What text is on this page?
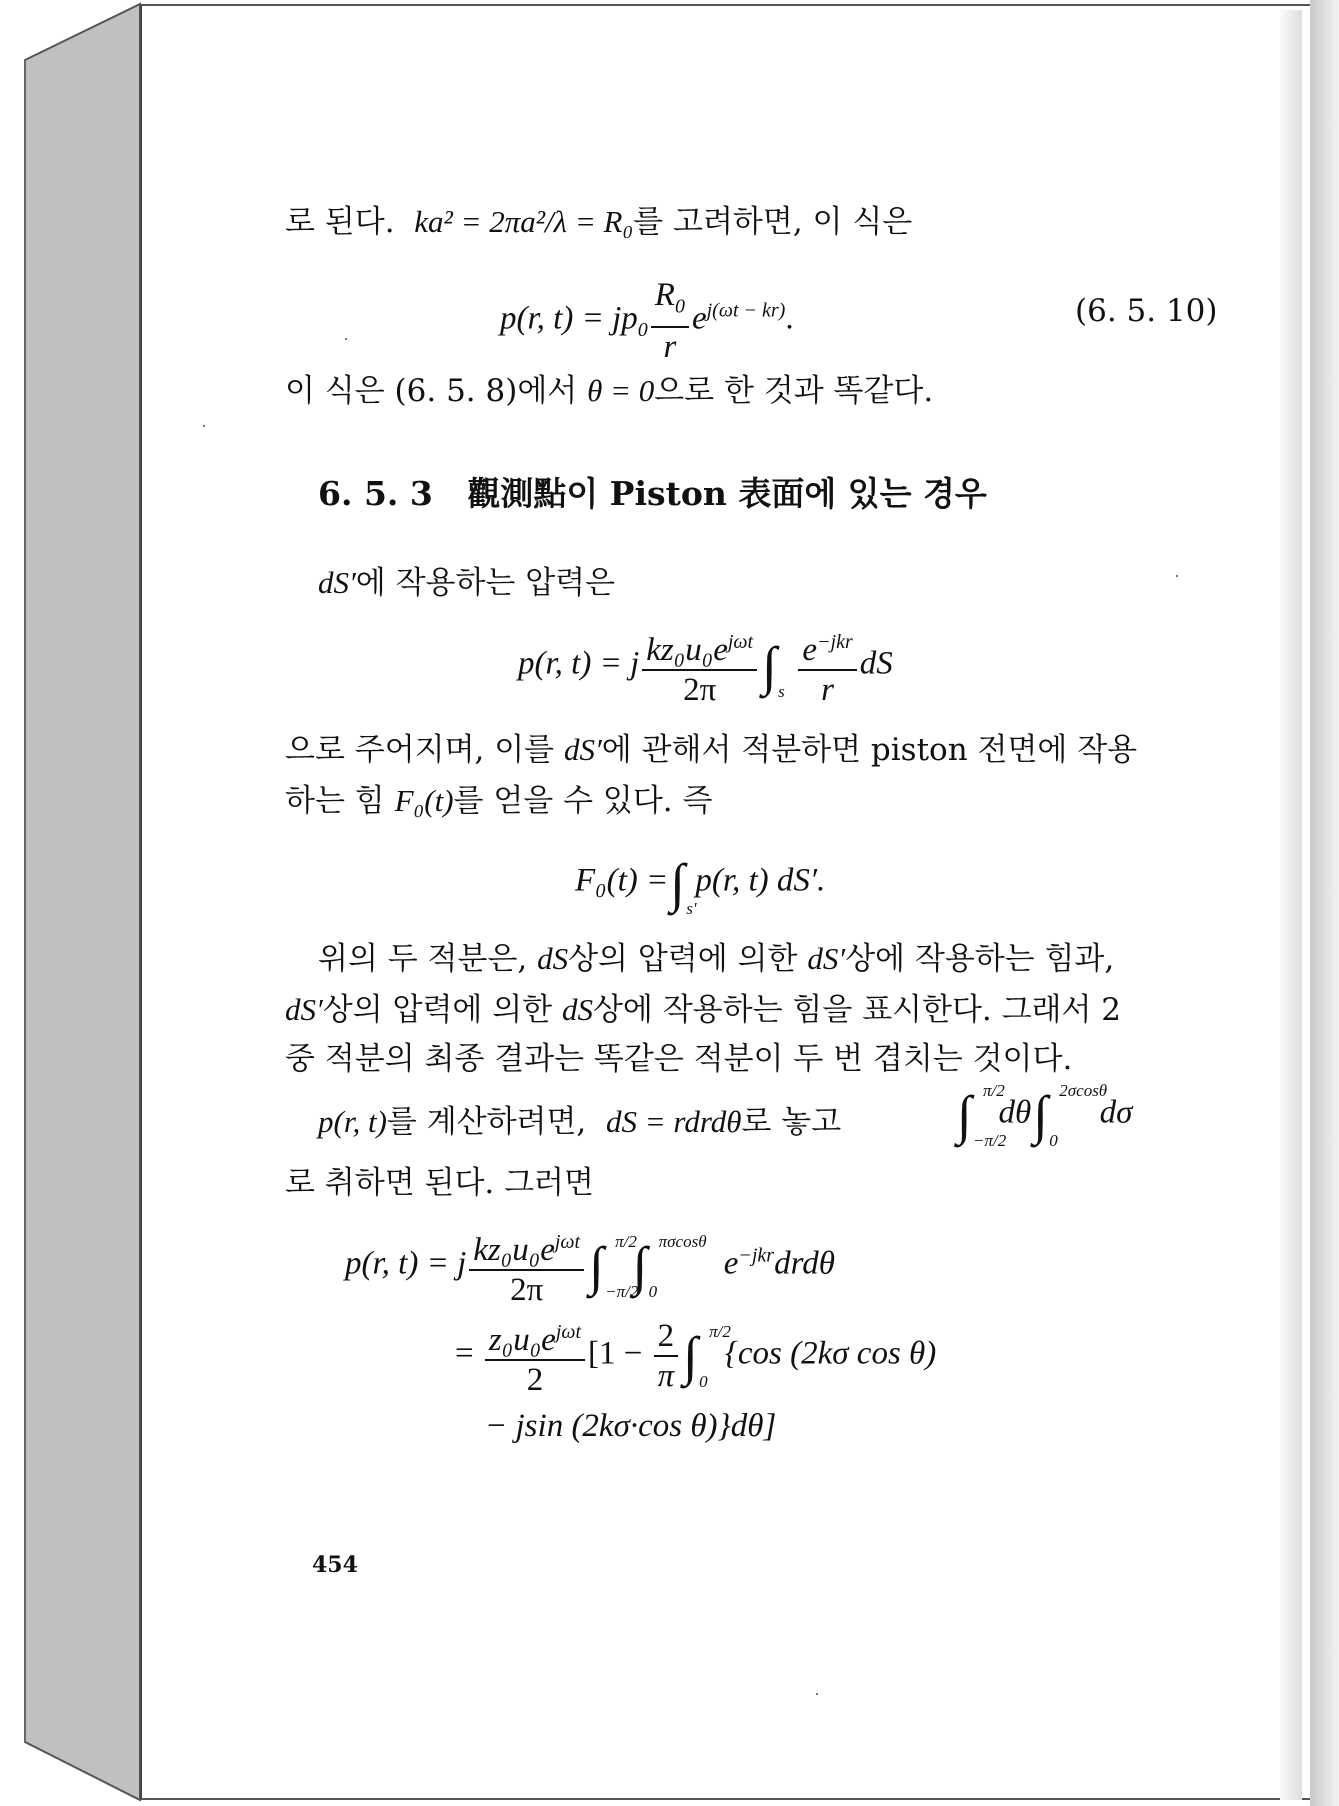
로 된다. ka² = 2πa²/λ = R₀를 고려하면, 이 식은
p(r, $t) = jp_0 \frac{R_0}{r} e^{j(\omega t - kr)}$.	(6. 5. 10)
이 식은 (6. 5. 8)에서 θ = 0으로 한 것과 똑같다.
6. 5. 3 觀測點이 Piston 表面에 있는 경우
dS′에 작용하는 압력은
p(r, t) = j $\frac{kz_0u_0e^{j\omega t}}{2\pi}$ ∫ s
$\frac{e^{-jkr}}{r}$ dS
으로 주어지며, 이를 dS′에 관해서 적분하면 piston 전면에 작용
하는 힘 F₀(t)를 얻을 수 있다. 즉
F₀(t) =∫ s′
p(r, t) dS′.
위의 두 적분은, dS상의 압력에 의한 dS′상에 작용하는 힘과,
dS′상의 압력에 의한 dS상에 작용하는 힘을 표시한다. 그래서 2
중 적분의 최종 결과는 똑같은 적분이 두 번 겹치는 것이다.
p(r, t)를 계산하려면, dS = rdrdθ로 놓고 ∫ π/2
−π/2
dθ∫ 2σcosθ
0
dσ
로 취하면 된다. 그러면
p(r, t) = j $\frac{kz_0u_0e^{j\omega t}}{2\pi}$ ∫ π/2
−π/2
∫ πσcosθ
0
$e^{-jkr}drd\theta$
= $\frac{z_0u_0e^{j\omega t}}{2} [1 - \frac{2}{\pi}$ ∫ π/2
0
{cos (2kσ cos θ)
− jsin (2kσ·cos θ)}dθ]
454
